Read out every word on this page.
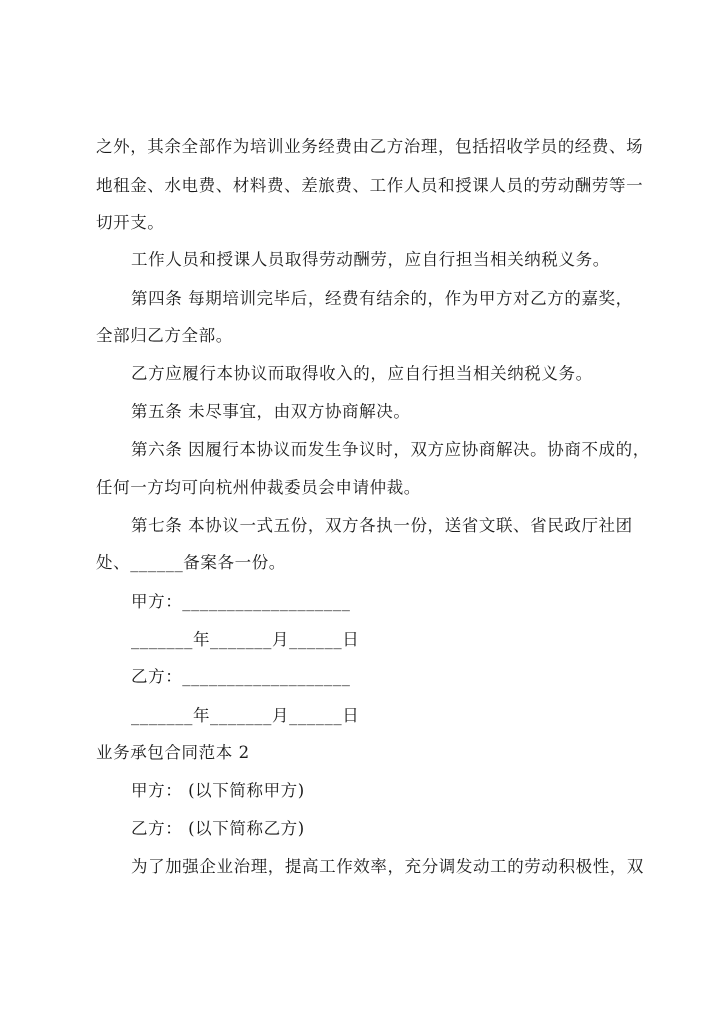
之外，其余全部作为培训业务经费由乙方治理，包括招收学员的经费、场
地租金、水电费、材料费、差旅费、工作人员和授课人员的劳动酬劳等一
切开支。
工作人员和授课人员取得劳动酬劳，应自行担当相关纳税义务。
第四条 每期培训完毕后，经费有结余的，作为甲方对乙方的嘉奖，
全部归乙方全部。
乙方应履行本协议而取得收入的，应自行担当相关纳税义务。
第五条 未尽事宜，由双方协商解决。
第六条 因履行本协议而发生争议时，双方应协商解决。协商不成的，
任何一方均可向杭州仲裁委员会申请仲裁。
第七条 本协议一式五份，双方各执一份，送省文联、省民政厅社团
处、______备案各一份。
甲方：___________________
_______年_______月______日
乙方：___________________
_______年_______月______日
业务承包合同范本 2
甲方： (以下简称甲方)
乙方： (以下简称乙方)
为了加强企业治理，提高工作效率，充分调发动工的劳动积极性，双
